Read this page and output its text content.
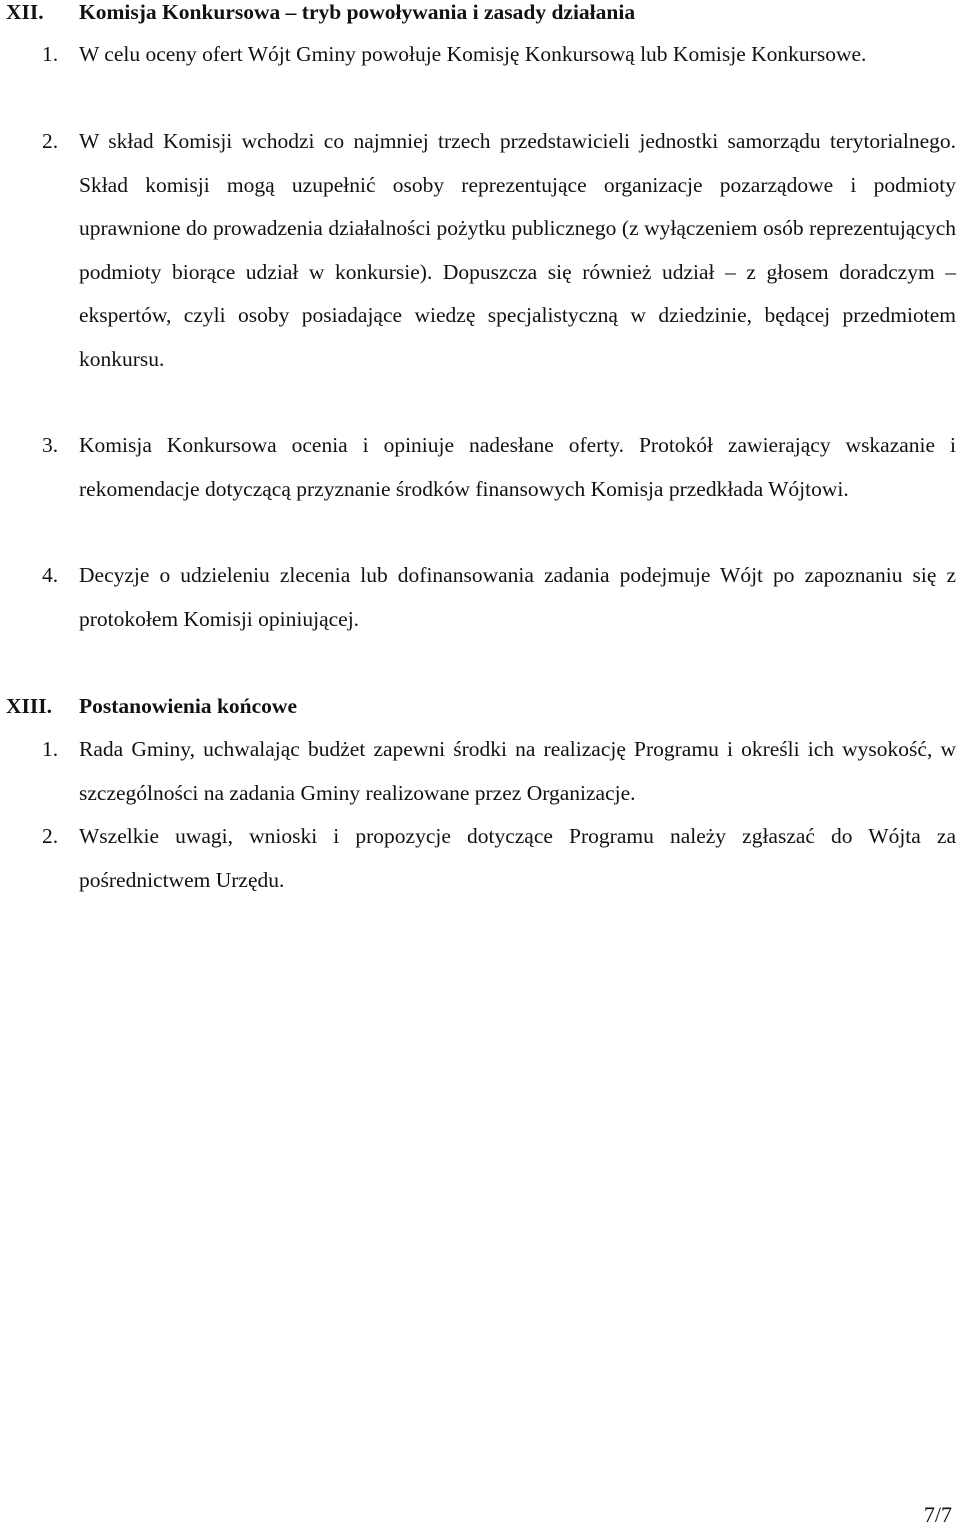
XII. Komisja Konkursowa – tryb powoływania i zasady działania
1. W celu oceny ofert Wójt Gminy powołuje Komisję Konkursową lub Komisje Konkursowe.
2. W skład Komisji wchodzi co najmniej trzech przedstawicieli jednostki samorządu terytorialnego. Skład komisji mogą uzupełnić osoby reprezentujące organizacje pozarządowe i podmioty uprawnione do prowadzenia działalności pożytku publicznego (z wyłączeniem osób reprezentujących podmioty biorące udział w konkursie). Dopuszcza się również udział – z głosem doradczym – ekspertów, czyli osoby posiadające wiedzę specjalistyczną w dziedzinie, będącej przedmiotem konkursu.
3. Komisja Konkursowa ocenia i opiniuje nadesłane oferty. Protokół zawierający wskazanie i rekomendacje dotyczącą przyznanie środków finansowych Komisja przedkłada Wójtowi.
4. Decyzje o udzieleniu zlecenia lub dofinansowania zadania podejmuje Wójt po zapoznaniu się z protokołem Komisji opiniującej.
XIII. Postanowienia końcowe
1. Rada Gminy, uchwalając budżet zapewni środki na realizację Programu i określi ich wysokość, w szczególności na zadania Gminy realizowane przez Organizacje.
2. Wszelkie uwagi, wnioski i propozycje dotyczące Programu należy zgłaszać do Wójta za pośrednictwem Urzędu.
7/7
